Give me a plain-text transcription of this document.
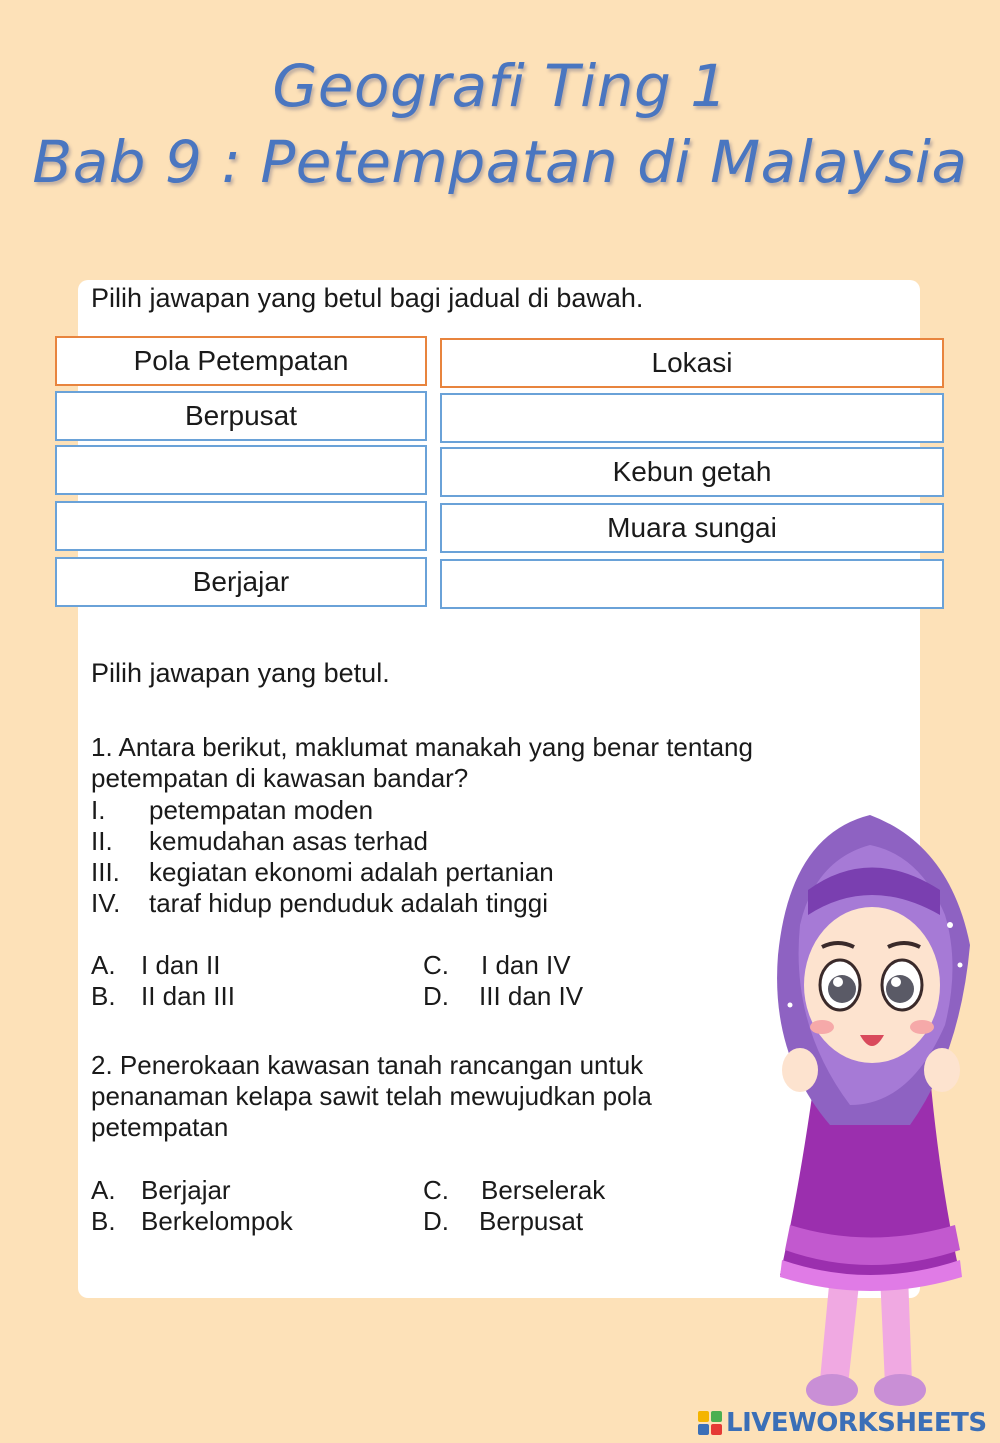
Geografi Ting 1
Bab 9 : Petempatan di Malaysia
Pilih jawapan yang betul bagi jadual di bawah.
Pola Petempatan	Lokasi
Berpusat
Kebun getah
Muara sungai
Berjajar
Pilih jawapan yang betul.
1. Antara berikut, maklumat manakah yang benar tentang
petempatan di kawasan bandar?
I. petempatan moden
II. kemudahan asas terhad
III. kegiatan ekonomi adalah pertanian
IV. taraf hidup penduduk adalah tinggi
A. I dan II
B. II dan III
C. I dan IV
D. III dan IV
2. Penerokaan kawasan tanah rancangan untuk
penanaman kelapa sawit telah mewujudkan pola
petempatan
A. Berjajar
B. Berkelompok
C. Berselerak
D. Berpusat
LIVEWORKSHEETS
